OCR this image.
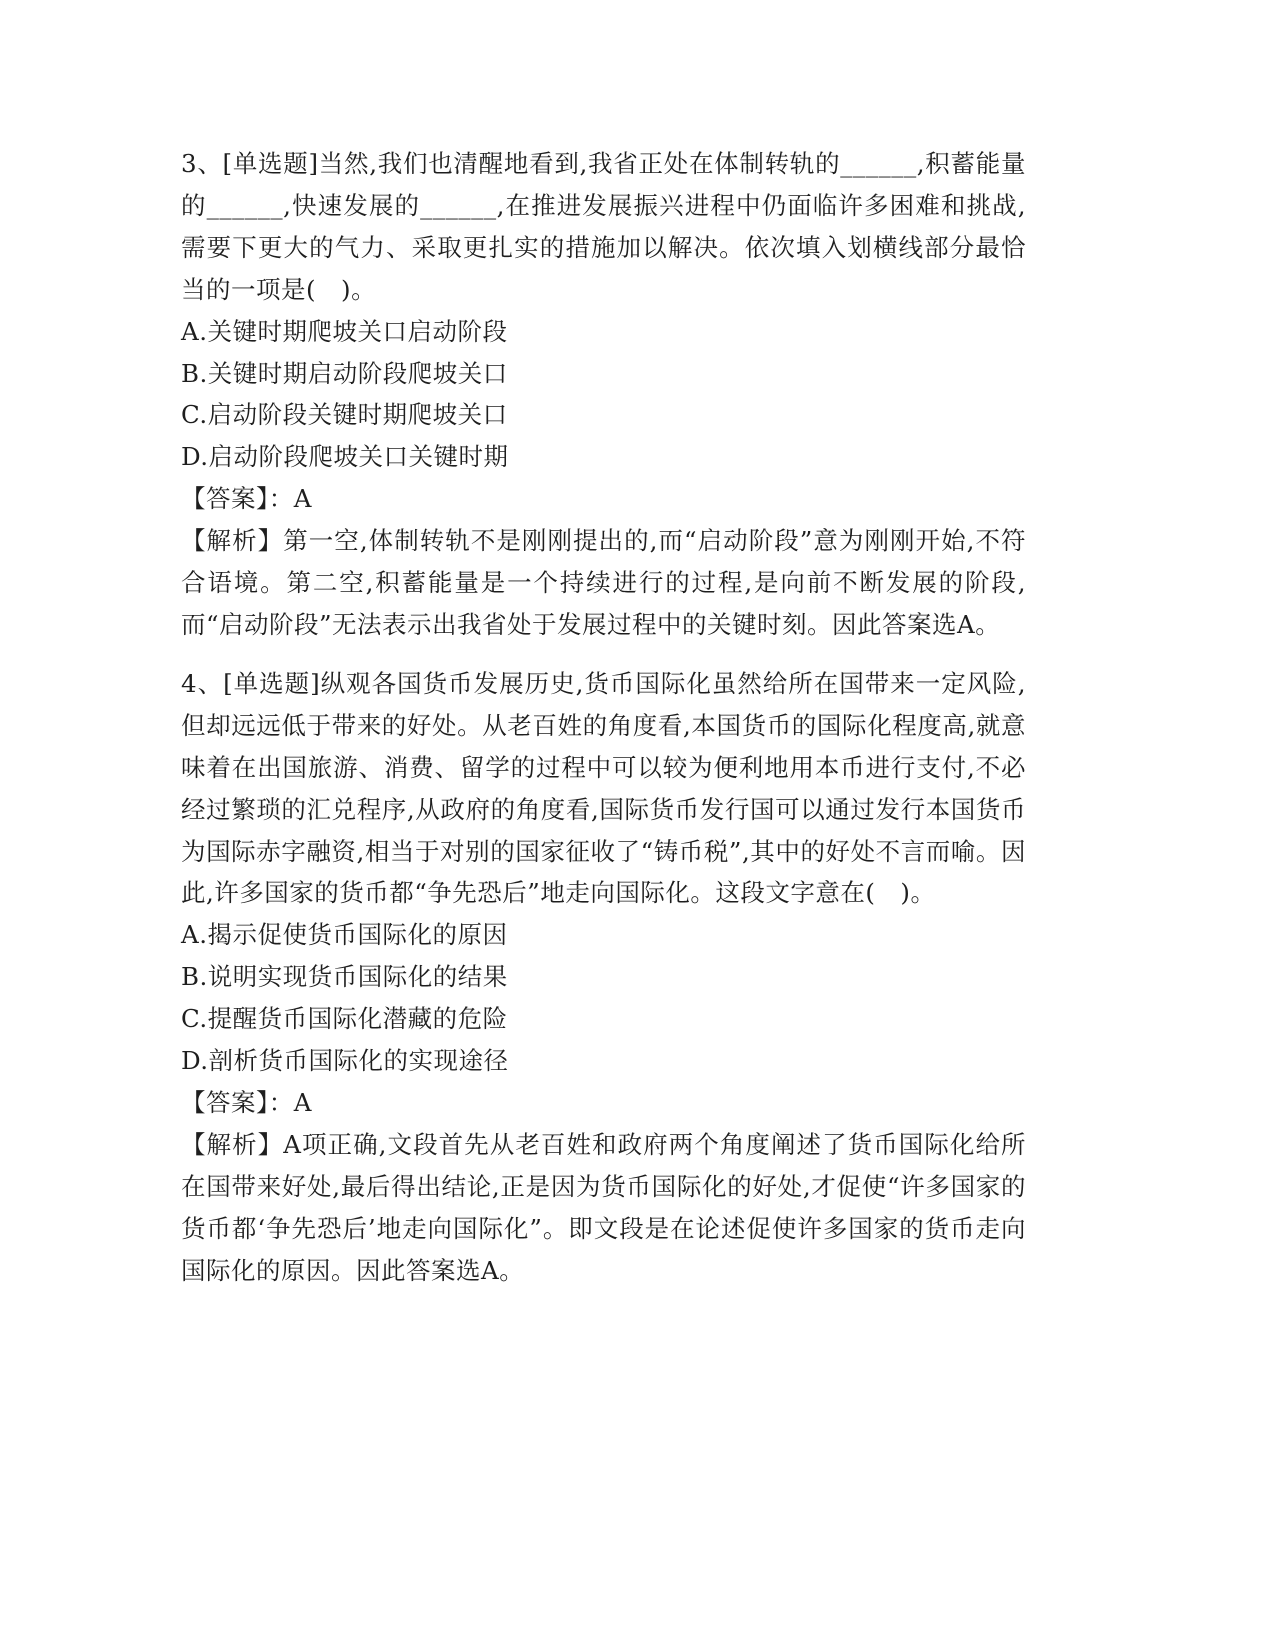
3、[单选题]当然,我们也清醒地看到,我省正处在体制转轨的______,积蓄能量的______,快速发展的______,在推进发展振兴进程中仍面临许多困难和挑战,需要下更大的气力、采取更扎实的措施加以解决。依次填入划横线部分最恰当的一项是(　)。

A.关键时期爬坡关口启动阶段
B.关键时期启动阶段爬坡关口
C.启动阶段关键时期爬坡关口
D.启动阶段爬坡关口关键时期
【答案】：A

【解析】第一空,体制转轨不是刚刚提出的,而“启动阶段”意为刚刚开始,不符合语境。第二空,积蓄能量是一个持续进行的过程,是向前不断发展的阶段,而“启动阶段”无法表示出我省处于发展过程中的关键时刻。因此答案选A。

4、[单选题]纵观各国货币发展历史,货币国际化虽然给所在国带来一定风险,但却远远低于带来的好处。从老百姓的角度看,本国货币的国际化程度高,就意味着在出国旅游、消费、留学的过程中可以较为便利地用本币进行支付,不必经过繁琐的汇兑程序,从政府的角度看,国际货币发行国可以通过发行本国货币为国际赤字融资,相当于对别的国家征收了“铸币税”,其中的好处不言而喻。因此,许多国家的货币都“争先恐后”地走向国际化。这段文字意在(　)。

A.揭示促使货币国际化的原因
B.说明实现货币国际化的结果
C.提醒货币国际化潜藏的危险
D.剖析货币国际化的实现途径
【答案】：A

【解析】A项正确,文段首先从老百姓和政府两个角度阐述了货币国际化给所在国带来好处,最后得出结论,正是因为货币国际化的好处,才促使“许多国家的货币都‘争先恐后’地走向国际化”。即文段是在论述促使许多国家的货币走向国际化的原因。因此答案选A。
